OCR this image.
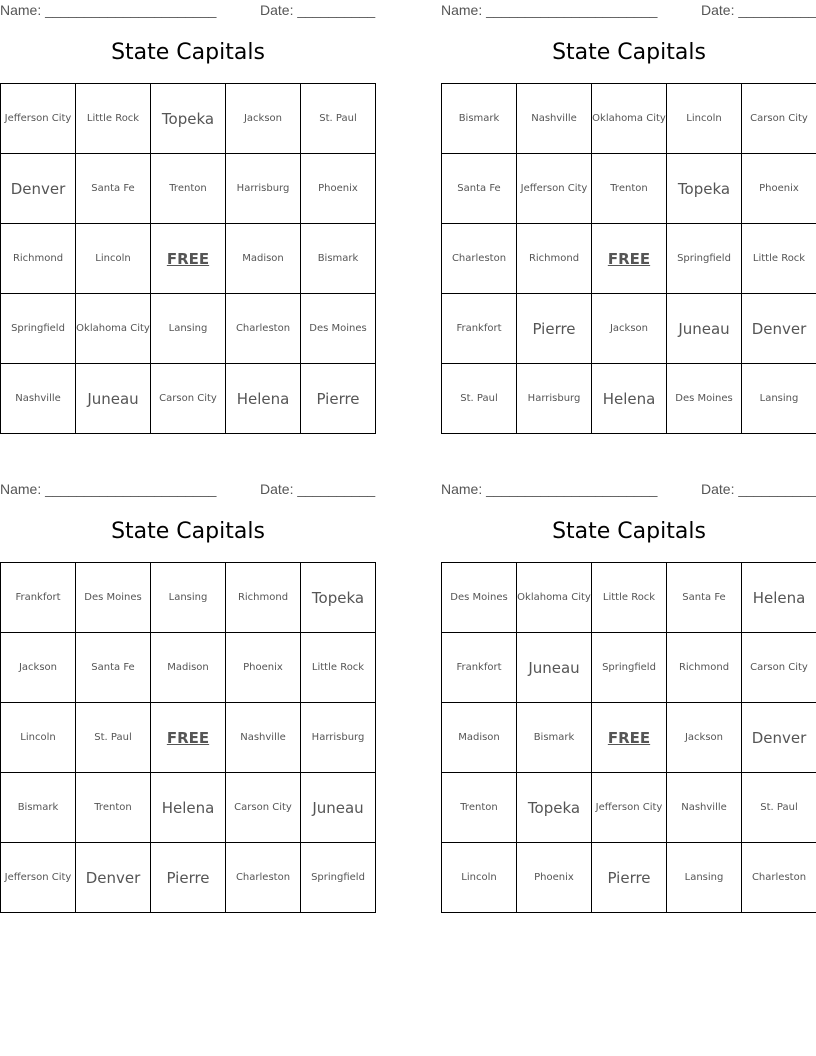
Name: ______________________	Date: __________
State Capitals
Jefferson City	Little Rock	Topeka	Jackson	St. Paul
Denver	Santa Fe	Trenton	Harrisburg	Phoenix
Richmond	Lincoln	FREE	Madison	Bismark
Springfield	Oklahoma City	Lansing	Charleston	Des Moines
Nashville	Juneau	Carson City	Helena	Pierre
Name: ______________________	Date: __________
State Capitals
Bismark	Nashville	Oklahoma City	Lincoln	Carson City
Santa Fe	Jefferson City	Trenton	Topeka	Phoenix
Charleston	Richmond	FREE	Springfield	Little Rock
Frankfort	Pierre	Jackson	Juneau	Denver
St. Paul	Harrisburg	Helena	Des Moines	Lansing
Name: ______________________	Date: __________
State Capitals
Frankfort	Des Moines	Lansing	Richmond	Topeka
Jackson	Santa Fe	Madison	Phoenix	Little Rock
Lincoln	St. Paul	FREE	Nashville	Harrisburg
Bismark	Trenton	Helena	Carson City	Juneau
Jefferson City	Denver	Pierre	Charleston	Springfield
Name: ______________________	Date: __________
State Capitals
Des Moines	Oklahoma City	Little Rock	Santa Fe	Helena
Frankfort	Juneau	Springfield	Richmond	Carson City
Madison	Bismark	FREE	Jackson	Denver
Trenton	Topeka	Jefferson City	Nashville	St. Paul
Lincoln	Phoenix	Pierre	Lansing	Charleston
